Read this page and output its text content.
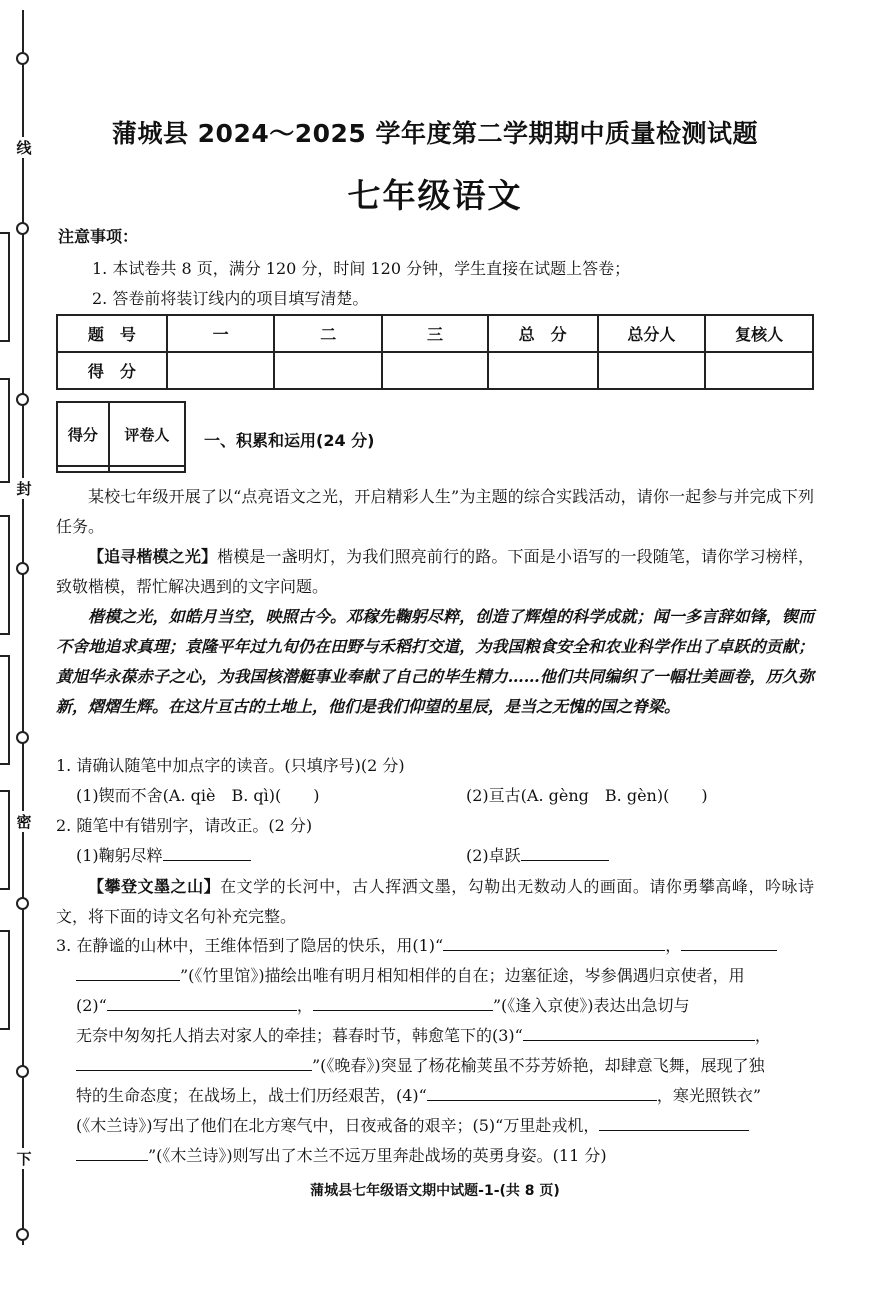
线
封
密
下
蒲城县 2024～2025 学年度第二学期期中质量检测试题
七年级语文
注意事项：
1. 本试卷共 8 页，满分 120 分，时间 120 分钟，学生直接在试题上答卷；
2. 答卷前将装订线内的项目填写清楚。
题　号	一	二	三	总　分	总分人	复核人
得　分						
得分	评卷人
	一、积累和运用(24 分)
某校七年级开展了以“点亮语文之光，开启精彩人生”为主题的综合实践活动，请你一起参与并完成下列任务。
【追寻楷模之光】楷模是一盏明灯，为我们照亮前行的路。下面是小语写的一段随笔，请你学习榜样，致敬楷模，帮忙解决遇到的文字问题。
楷模之光，如皓月当空，映照古今。邓稼先鞠躬尽粹，创造了辉煌的科学成就；闻一多言辞如锋，锲而不舍地追求真理；袁隆平年过九旬仍在田野与禾稻打交道，为我国粮食安全和农业科学作出了卓跃的贡献；黄旭华永葆赤子之心，为我国核潜艇事业奉献了自己的毕生精力……他们共同编织了一幅壮美画卷，历久弥新，熠熠生辉。在这片亘古的土地上，他们是我们仰望的星辰，是当之无愧的国之脊梁。
1. 请确认随笔中加点字的读音。(只填序号)(2 分)
(1)锲而不舍(A. qiè　B. qì)(　　)	(2)亘古(A. gèng　B. gèn)(　　)
2. 随笔中有错别字，请改正。(2 分)
(1)鞠躬尽粹	(2)卓跃
【攀登文墨之山】在文学的长河中，古人挥洒文墨，勾勒出无数动人的画面。请你勇攀高峰，吟咏诗文，将下面的诗文名句补充完整。
3. 在静谧的山林中，王维体悟到了隐居的快乐，用(1)“	，
”(《竹里馆》)描绘出唯有明月相知相伴的自在；边塞征途，岑参偶遇归京使者，用
(2)“	，	”(《逢入京使》)表达出急切与
无奈中匆匆托人捎去对家人的牵挂；暮春时节，韩愈笔下的(3)“	，
”(《晚春》)突显了杨花榆荚虽不芬芳娇艳，却肆意飞舞，展现了独
特的生命态度；在战场上，战士们历经艰苦，(4)“	，寒光照铁衣”
(《木兰诗》)写出了他们在北方寒气中，日夜戒备的艰辛；(5)“万里赴戎机，
”(《木兰诗》)则写出了木兰不远万里奔赴战场的英勇身姿。(11 分)
蒲城县七年级语文期中试题-1-(共 8 页)
